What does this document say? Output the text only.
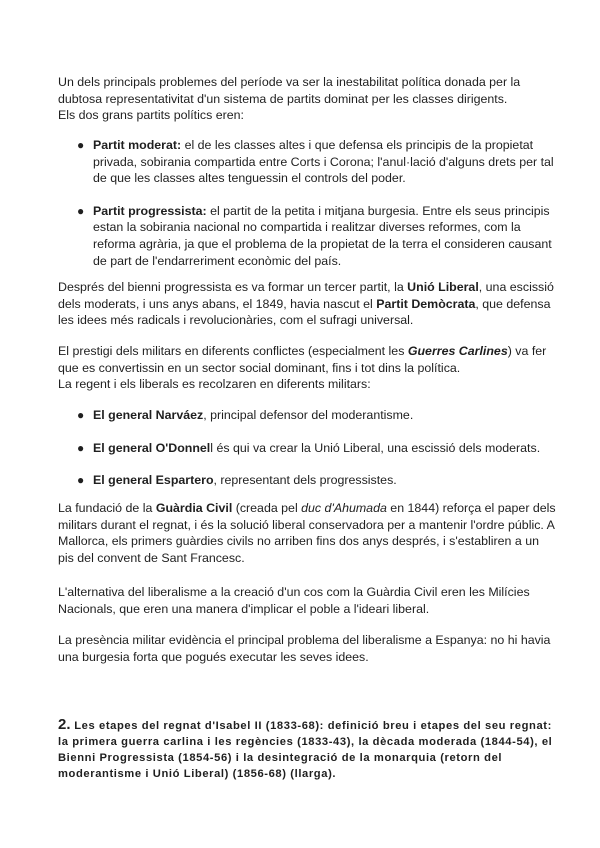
Un dels principals problemes del període va ser la inestabilitat política donada per la dubtosa representativitat d'un sistema de partits dominat per les classes dirigents.
Els dos grans partits polítics eren:

● Partit moderat: el de les classes altes i que defensa els principis de la propietat privada, sobirania compartida entre Corts i Corona; l'anul·lació d'alguns drets per tal de que les classes altes tenguessin el controls del poder.
● Partit progressista: el partit de la petita i mitjana burgesia. Entre els seus principis estan la sobirania nacional no compartida i realitzar diverses reformes, com la reforma agrària, ja que el problema de la propietat de la terra el consideren causant de part de l'endarreriment econòmic del país.

Després del bienni progressista es va formar un tercer partit, la Unió Liberal, una escissió dels moderats, i uns anys abans, el 1849, havia nascut el Partit Demòcrata, que defensa les idees més radicals i revolucionàries, com el sufragi universal.

El prestigi dels militars en diferents conflictes (especialment les Guerres Carlines) va fer que es convertissin en un sector social dominant, fins i tot dins la política.
La regent i els liberals es recolzaren en diferents militars:

● El general Narváez, principal defensor del moderantisme.
● El general O'Donnell és qui va crear la Unió Liberal, una escissió dels moderats.
● El general Espartero, representant dels progressistes.

La fundació de la Guàrdia Civil (creada pel duc d'Ahumada en 1844) reforça el paper dels militars durant el regnat, i és la solució liberal conservadora per a mantenir l'ordre públic. A Mallorca, els primers guàrdies civils no arriben fins dos anys després, i s'establiren a un pis del convent de Sant Francesc.

L'alternativa del liberalisme a la creació d'un cos com la Guàrdia Civil eren les Milícies Nacionals, que eren una manera d'implicar el poble a l'ideari liberal.

La presència militar evidència el principal problema del liberalisme a Espanya: no hi havia una burgesia forta que pogués executar les seves idees.

2. Les etapes del regnat d'Isabel II (1833-68): definició breu i etapes del seu regnat: la primera guerra carlina i les regències (1833-43), la dècada moderada (1844-54), el Bienni Progressista (1854-56) i la desintegració de la monarquia (retorn del moderantisme i Unió Liberal) (1856-68) (llarga).
